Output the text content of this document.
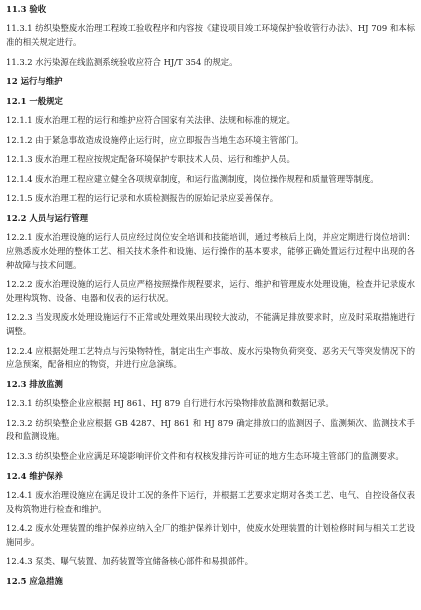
11.3 验收

11.3.1 纺织染整废水治理工程竣工验收程序和内容按《建设项目竣工环境保护验收管行办法》、HJ 709 和本标准的相关规定进行。

11.3.2 水污染源在线监测系统验收应符合 HJ/T 354 的规定。

12 运行与维护
12.1 一般规定

12.1.1 废水治理工程的运行和维护应符合国家有关法律、法规和标准的规定。

12.1.2 由于紧急事故造成设施停止运行时，应立即报告当地生态环境主管部门。

12.1.3 废水治理工程应按规定配备环境保护专职技术人员、运行和维护人员。

12.1.4 废水治理工程应建立健全各项规章制度，和运行监测制度，岗位操作规程和质量管理等制度。

12.1.5 废水治理工程的运行记录和水质检测报告的原始记录应妥善保存。

12.2 人员与运行管理

12.2.1 废水治理设施的运行人员应经过岗位安全培训和技能培训，通过考核后上岗，并应定期进行岗位培训：应熟悉废水处理的整体工艺、相关技术条件和设施、运行操作的基本要求，能够正确处置运行过程中出现的各种故障与技术问题。

12.2.2 废水治理设施的运行人员应严格按照操作规程要求，运行、维护和管理废水处理设施，检查并记录废水处理构筑物、设备、电器和仪表的运行状况。

12.2.3 当发现废水处理设施运行不正常或处理效果出现较大波动，不能满足排放要求时，应及时采取措施进行调整。

12.2.4 应根据处理工艺特点与污染物特性，制定出生产事故、废水污染物负荷突变、恶劣天气等突发情况下的应急预案，配备相应的物资，并进行应急演练。

12.3 排放监测

12.3.1 纺织染整企业应根据 HJ 861、HJ 879 自行进行水污染物排放监测和数据记录。

12.3.2 纺织染整企业应根据 GB 4287、HJ 861 和 HJ 879 确定排放口的监测因子、监测频次、监测技术手段和监测设施。

12.3.3 纺织染整企业应满足环境影响评价文件和有权核发排污许可证的地方生态环境主管部门的监测要求。

12.4 维护保养

12.4.1 废水治理设施应在满足设计工况的条件下运行，并根据工艺要求定期对各类工艺、电气、自控设备仪表及构筑物进行检查和维护。

12.4.2 废水处理装置的维护保养应纳入全厂的维护保养计划中，使废水处理装置的计划检修时间与相关工艺设施同步。

12.4.3 泵类、曝气装置、加药装置等宜储备核心部件和易损部件。

12.5 应急措施
